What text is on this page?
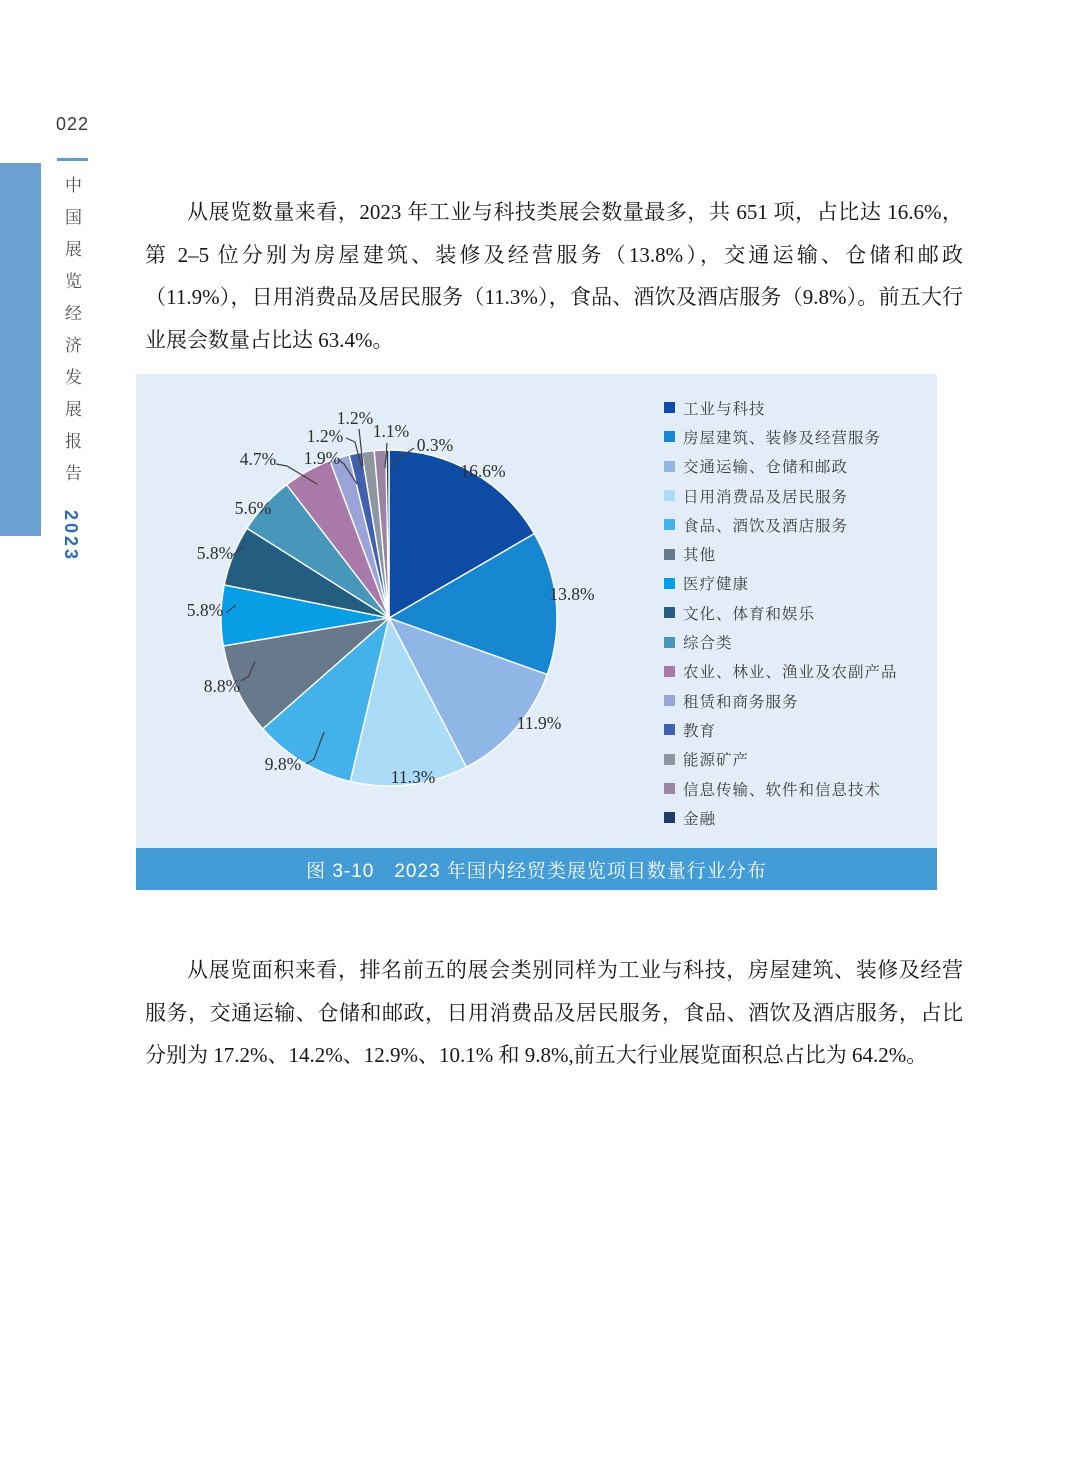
022
中国展览经济发展报告 2023

从展览数量来看，2023 年工业与科技类展会数量最多，共 651 项，占比达 16.6%，第 2–5 位分别为房屋建筑、装修及经营服务（13.8%），交通运输、仓储和邮政（11.9%），日用消费品及居民服务（11.3%），食品、酒饮及酒店服务（9.8%）。前五大行业展会数量占比达 63.4%。

从展览面积来看，排名前五的展会类别同样为工业与科技，房屋建筑、装修及经营服务，交通运输、仓储和邮政，日用消费品及居民服务，食品、酒饮及酒店服务，占比分别为 17.2%、14.2%、12.9%、10.1% 和 9.8%,前五大行业展览面积总占比为 64.2%。

16.6%
13.8%
11.9%
11.3%
9.8%
8.8%
5.8%
5.8%
5.6%
4.7% 1.9%
1.2%
1.2%
1.1%
0.3%
工业与科技
房屋建筑、装修及经营服务
交通运输、仓储和邮政
日用消费品及居民服务
食品、酒饮及酒店服务
其他
医疗健康
文化、体育和娱乐
综合类
农业、林业、渔业及农副产品
租赁和商务服务
教育
能源矿产
信息传输、软件和信息技术
金融
图 3-10　2023 年国内经贸类展览项目数量行业分布
